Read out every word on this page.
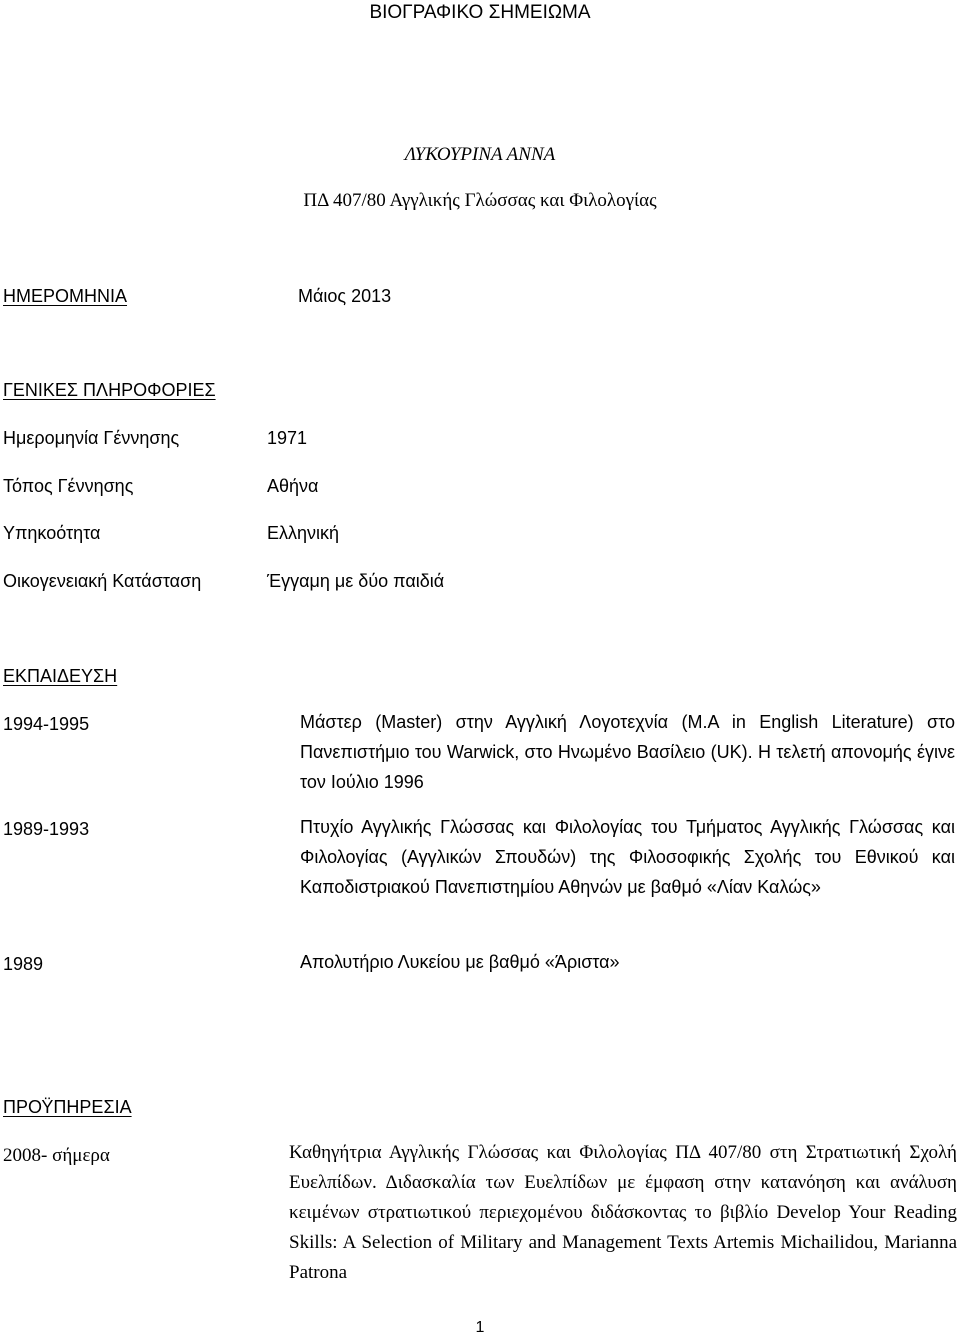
ΒΙΟΓΡΑΦΙΚΟ ΣΗΜΕΙΩΜΑ
ΛΥΚΟΥΡΙΝΑ ΑΝΝΑ
ΠΔ 407/80 Αγγλικής Γλώσσας και Φιλολογίας
ΗΜΕΡΟΜΗΝΙΑ	Μάιος 2013
ΓΕΝΙΚΕΣ ΠΛΗΡΟΦΟΡΙΕΣ
Ημερομηνία Γέννησης	1971
Τόπος Γέννησης	Αθήνα
Υπηκοότητα	Ελληνική
Οικογενειακή Κατάσταση	Έγγαμη με δύο παιδιά
ΕΚΠΑΙΔΕΥΣΗ
1994-1995	Μάστερ (Master) στην Αγγλική Λογοτεχνία (M.A in English Literature) στο Πανεπιστήμιο του Warwick, στο Ηνωμένο Βασίλειο (UK). Η τελετή απονομής έγινε τον Ιούλιο 1996

1989-1993	Πτυχίο Αγγλικής Γλώσσας και Φιλολογίας του Τμήματος Αγγλικής Γλώσσας και Φιλολογίας (Αγγλικών Σπουδών) της Φιλοσοφικής Σχολής του Εθνικού και Καποδιστριακού Πανεπιστημίου Αθηνών με βαθμό «Λίαν Καλώς»

1989	Απολυτήριο Λυκείου με βαθμό «Άριστα»

ΠΡΟΫΠΗΡΕΣΙΑ
2008- σήμερα	Καθηγήτρια Αγγλικής Γλώσσας και Φιλολογίας ΠΔ 407/80 στη Στρατιωτική Σχολή Ευελπίδων. Διδασκαλία των Ευελπίδων με έμφαση στην κατανόηση και ανάλυση κειμένων στρατιωτικού περιεχομένου διδάσκοντας το βιβλίο Develop Your Reading Skills: A Selection of Military and Management Texts Artemis Michailidou, Marianna Patrona

1
